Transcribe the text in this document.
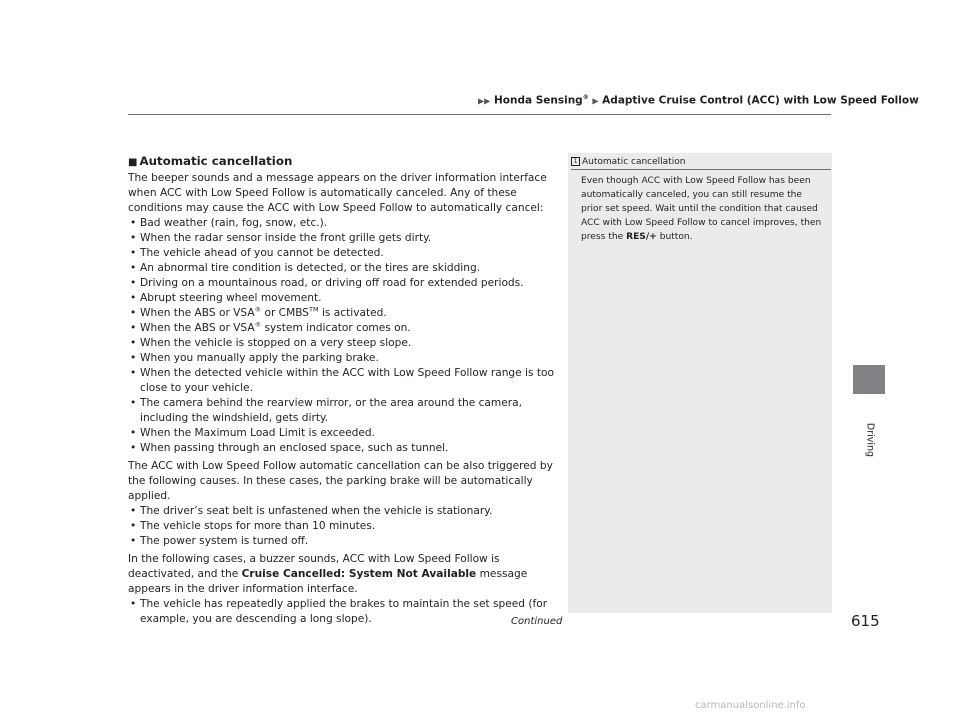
▶▶ Honda Sensing® ▶ Adaptive Cruise Control (ACC) with Low Speed Follow
Driving
■ Automatic cancellation

The beeper sounds and a message appears on the driver information interface when ACC with Low Speed Follow is automatically canceled. Any of these conditions may cause the ACC with Low Speed Follow to automatically cancel:

• Bad weather (rain, fog, snow, etc.).
• When the radar sensor inside the front grille gets dirty.
• The vehicle ahead of you cannot be detected.
• An abnormal tire condition is detected, or the tires are skidding.
• Driving on a mountainous road, or driving off road for extended periods.
• Abrupt steering wheel movement.
• When the ABS or VSA® or CMBS™ is activated.
• When the ABS or VSA® system indicator comes on.
• When the vehicle is stopped on a very steep slope.
• When you manually apply the parking brake.
• When the detected vehicle within the ACC with Low Speed Follow range is too close to your vehicle.
• The camera behind the rearview mirror, or the area around the camera, including the windshield, gets dirty.
• When the Maximum Load Limit is exceeded.
• When passing through an enclosed space, such as tunnel.

The ACC with Low Speed Follow automatic cancellation can be also triggered by the following causes. In these cases, the parking brake will be automatically applied.

• The driver’s seat belt is unfastened when the vehicle is stationary.
• The vehicle stops for more than 10 minutes.
• The power system is turned off.

In the following cases, a buzzer sounds, ACC with Low Speed Follow is deactivated, and the Cruise Cancelled: System Not Available message appears in the driver information interface.

• The vehicle has repeatedly applied the brakes to maintain the set speed (for example, you are descending a long slope).
1 Automatic cancellation
Even though ACC with Low Speed Follow has been automatically canceled, you can still resume the prior set speed. Wait until the condition that caused ACC with Low Speed Follow to cancel improves, then press the RES/+ button.
Continued	615
carmanualsonline.info
